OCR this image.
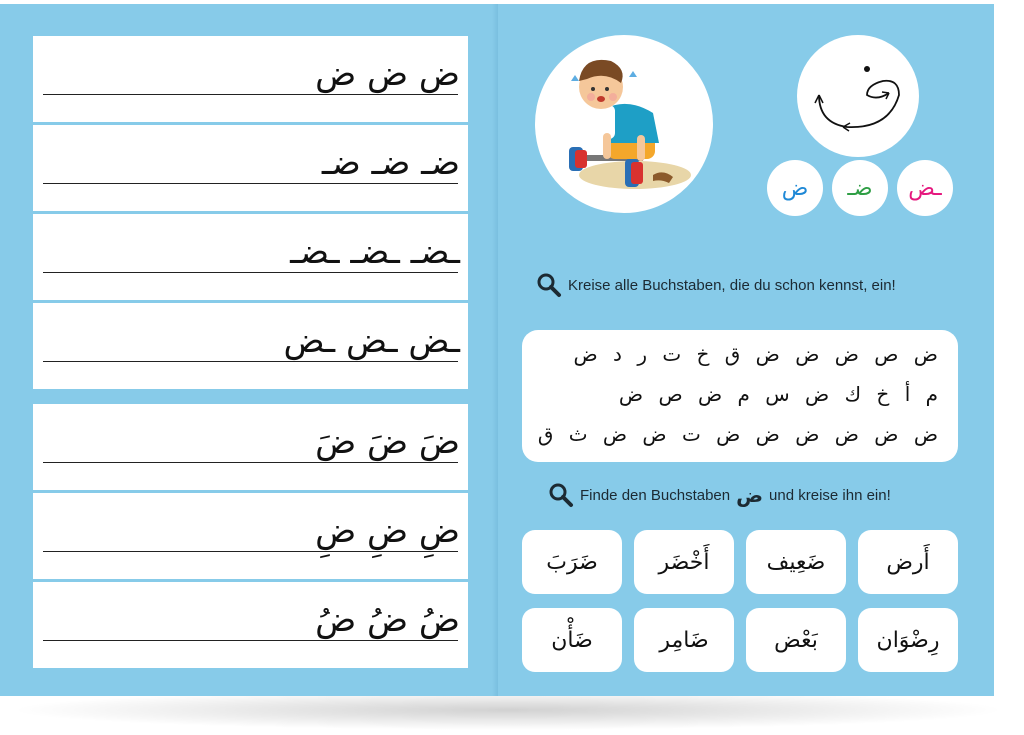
ض ض ض
ضـ ضـ ضـ
ـضـ ـضـ ـضـ
ـض ـض ـض
ضَ ضَ ضَ
ضِ ضِ ضِ
ضُ ضُ ضُ
ض ضـ ـض
Kreise alle Buchstaben, die du schon kennst, ein!
ض ص ض ض ض ق خ ت ر د ض
م أ خ ك ض س م ض ص ض
ض ض ض ض ض ض ت ض ض ث ق
Finde den Buchstaben ض und kreise ihn ein!
أَرض
ضَعِيف
أَخْضَر
ضَرَبَ
رِضْوَان
بَعْض
ضَامِر
ضَأْن
